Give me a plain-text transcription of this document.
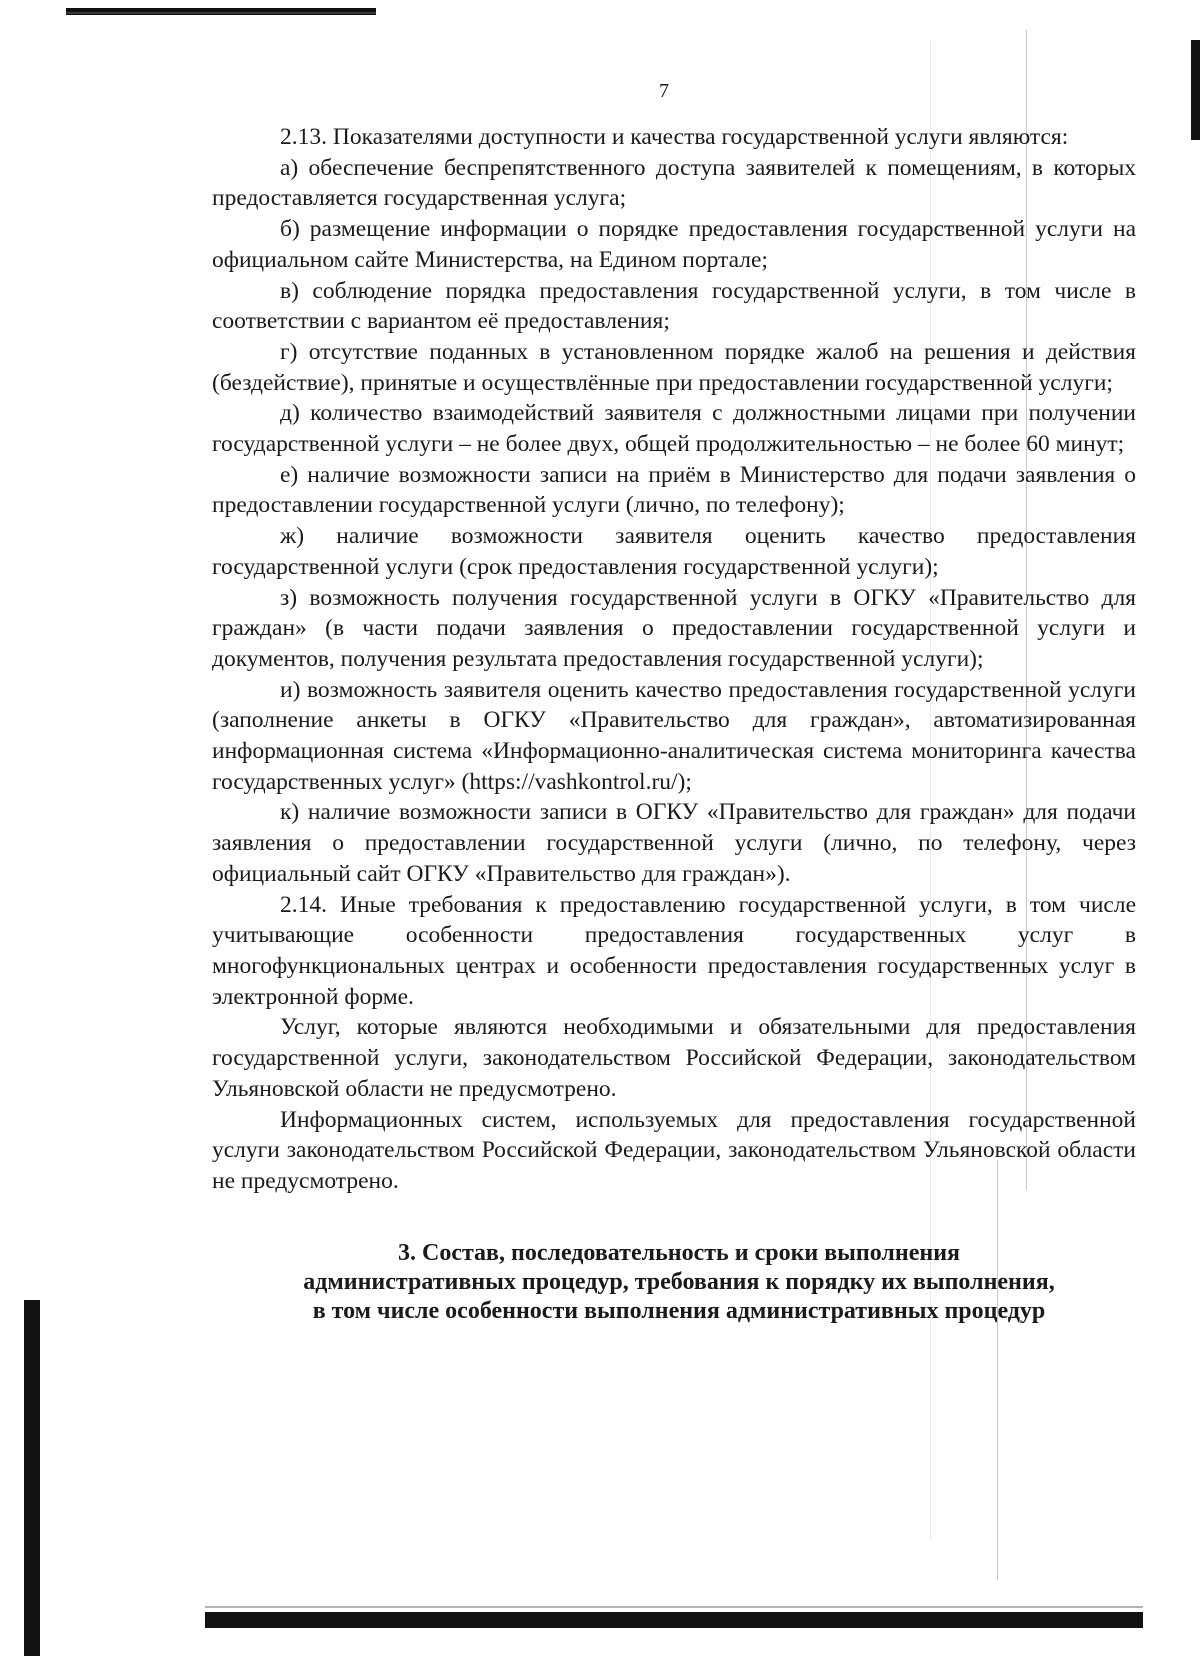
7

2.13. Показателями доступности и качества государственной услуги являются:

а) обеспечение беспрепятственного доступа заявителей к помещениям, в которых предоставляется государственная услуга;

б) размещение информации о порядке предоставления государственной услуги на официальном сайте Министерства, на Едином портале;

в) соблюдение порядка предоставления государственной услуги, в том числе в соответствии с вариантом её предоставления;

г) отсутствие поданных в установленном порядке жалоб на решения и действия (бездействие), принятые и осуществлённые при предоставлении государственной услуги;

д) количество взаимодействий заявителя с должностными лицами при получении государственной услуги – не более двух, общей продолжительностью – не более 60 минут;

е) наличие возможности записи на приём в Министерство для подачи заявления о предоставлении государственной услуги (лично, по телефону);

ж) наличие возможности заявителя оценить качество предоставления государственной услуги (срок предоставления государственной услуги);

з) возможность получения государственной услуги в ОГКУ «Правительство для граждан» (в части подачи заявления о предоставлении государственной услуги и документов, получения результата предоставления государственной услуги);

и) возможность заявителя оценить качество предоставления государственной услуги (заполнение анкеты в ОГКУ «Правительство для граждан», автоматизированная информационная система «Информационно-аналитическая система мониторинга качества государственных услуг» (https://vashkontrol.ru/);

к) наличие возможности записи в ОГКУ «Правительство для граждан» для подачи заявления о предоставлении государственной услуги (лично, по телефону, через официальный сайт ОГКУ «Правительство для граждан»).

2.14. Иные требования к предоставлению государственной услуги, в том числе учитывающие особенности предоставления государственных услуг в многофункциональных центрах и особенности предоставления государственных услуг в электронной форме.

Услуг, которые являются необходимыми и обязательными для предоставления государственной услуги, законодательством Российской Федерации, законодательством Ульяновской области не предусмотрено.

Информационных систем, используемых для предоставления государственной услуги законодательством Российской Федерации, законодательством Ульяновской области не предусмотрено.

3. Состав, последовательность и сроки выполнения

административных процедур, требования к порядку их выполнения,

в том числе особенности выполнения административных процедур
